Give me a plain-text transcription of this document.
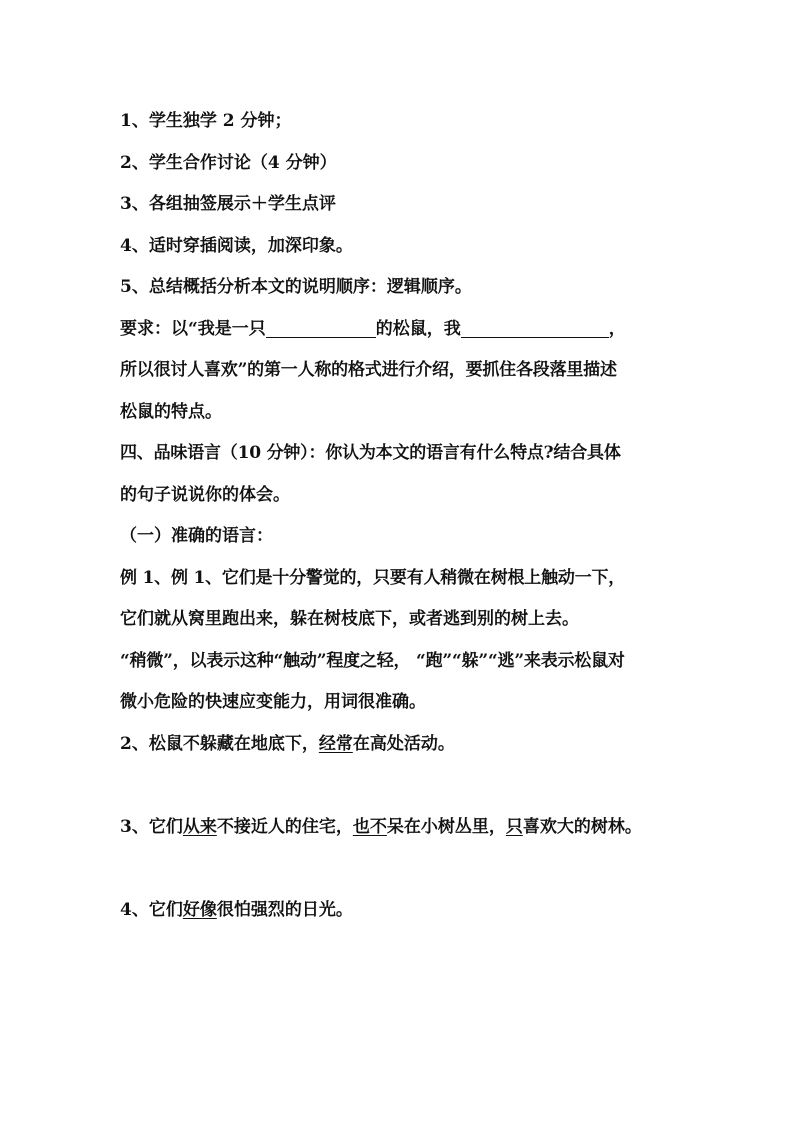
1、学生独学 2 分钟；
2、学生合作讨论（4 分钟）
3、各组抽签展示＋学生点评
4、适时穿插阅读，加深印象。
5、总结概括分析本文的说明顺序：逻辑顺序。
要求：以“我是一只	的松鼠，我	，
所以很讨人喜欢”的第一人称的格式进行介绍，要抓住各段落里描述
松鼠的特点。
四、品味语言（10 分钟）：你认为本文的语言有什么特点?结合具体
的句子说说你的体会。
（一）准确的语言：
例 1、例 1、它们是十分警觉的，只要有人稍微在树根上触动一下，
它们就从窝里跑出来，躲在树枝底下，或者逃到别的树上去。
“稍微”，以表示这种“触动”程度之轻， “跑”“躲”“逃”来表示松鼠对
微小危险的快速应变能力，用词很准确。
2、松鼠不躲藏在地底下，经常在高处活动。
3、它们从来不接近人的住宅，也不呆在小树丛里，只喜欢大的树林。
4、它们好像很怕强烈的日光。
